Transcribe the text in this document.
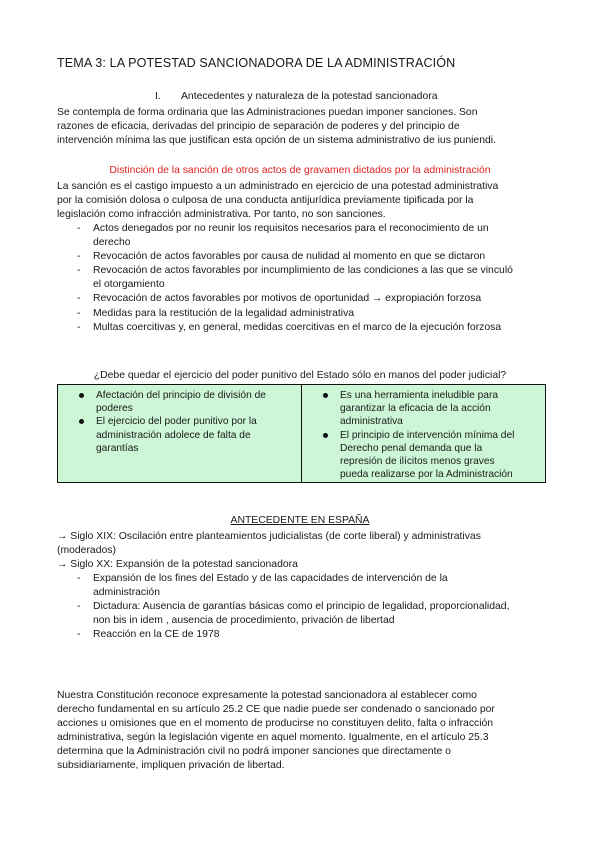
TEMA 3: LA POTESTAD SANCIONADORA DE LA ADMINISTRACIÓN
I. Antecedentes y naturaleza de la potestad sancionadora
Se contempla de forma ordinaria que las Administraciones puedan imponer sanciones. Son
razones de eficacia, derivadas del principio de separación de poderes y del principio de
intervención mínima las que justifican esta opción de un sistema administrativo de ius puniendi.
Distinción de la sanción de otros actos de gravamen dictados por la administración
La sanción es el castigo impuesto a un administrado en ejercicio de una potestad administrativa
por la comisión dolosa o culposa de una conducta antijurídica previamente tipificada por la
legislación como infracción administrativa. Por tanto, no son sanciones.
- Actos denegados por no reunir los requisitos necesarios para el reconocimiento de un
derecho
- Revocación de actos favorables por causa de nulidad al momento en que se dictaron
- Revocación de actos favorables por incumplimiento de las condiciones a las que se vinculó
el otorgamiento
- Revocación de actos favorables por motivos de oportunidad → expropiación forzosa
- Medidas para la restitución de la legalidad administrativa
- Multas coercitivas y, en general, medidas coercitivas en el marco de la ejecución forzosa
¿Debe quedar el ejercicio del poder punitivo del Estado sólo en manos del poder judicial?
Afectación del principio de división de
poderes
El ejercicio del poder punitivo por la
administración adolece de falta de
garantías
Es una herramienta ineludible para
garantizar la eficacia de la acción
administrativa
El principio de intervención mínima del
Derecho penal demanda que la
represión de ilícitos menos graves
pueda realizarse por la Administración
ANTECEDENTE EN ESPAÑA
→ Siglo XIX: Oscilación entre planteamientos judicialistas (de corte liberal) y administrativas
(moderados)
→ Siglo XX: Expansión de la potestad sancionadora
- Expansión de los fines del Estado y de las capacidades de intervención de la
administración
- Dictadura: Ausencia de garantías básicas como el principio de legalidad, proporcionalidad,
non bis in idem , ausencia de procedimiento, privación de libertad
- Reacción en la CE de 1978
Nuestra Constitución reconoce expresamente la potestad sancionadora al establecer como
derecho fundamental en su artículo 25.2 CE que nadie puede ser condenado o sancionado por
acciones u omisiones que en el momento de producirse no constituyen delito, falta o infracción
administrativa, según la legislación vigente en aquel momento. Igualmente, en el artículo 25.3
determina que la Administración civil no podrá imponer sanciones que directamente o
subsidiariamente, impliquen privación de libertad.
